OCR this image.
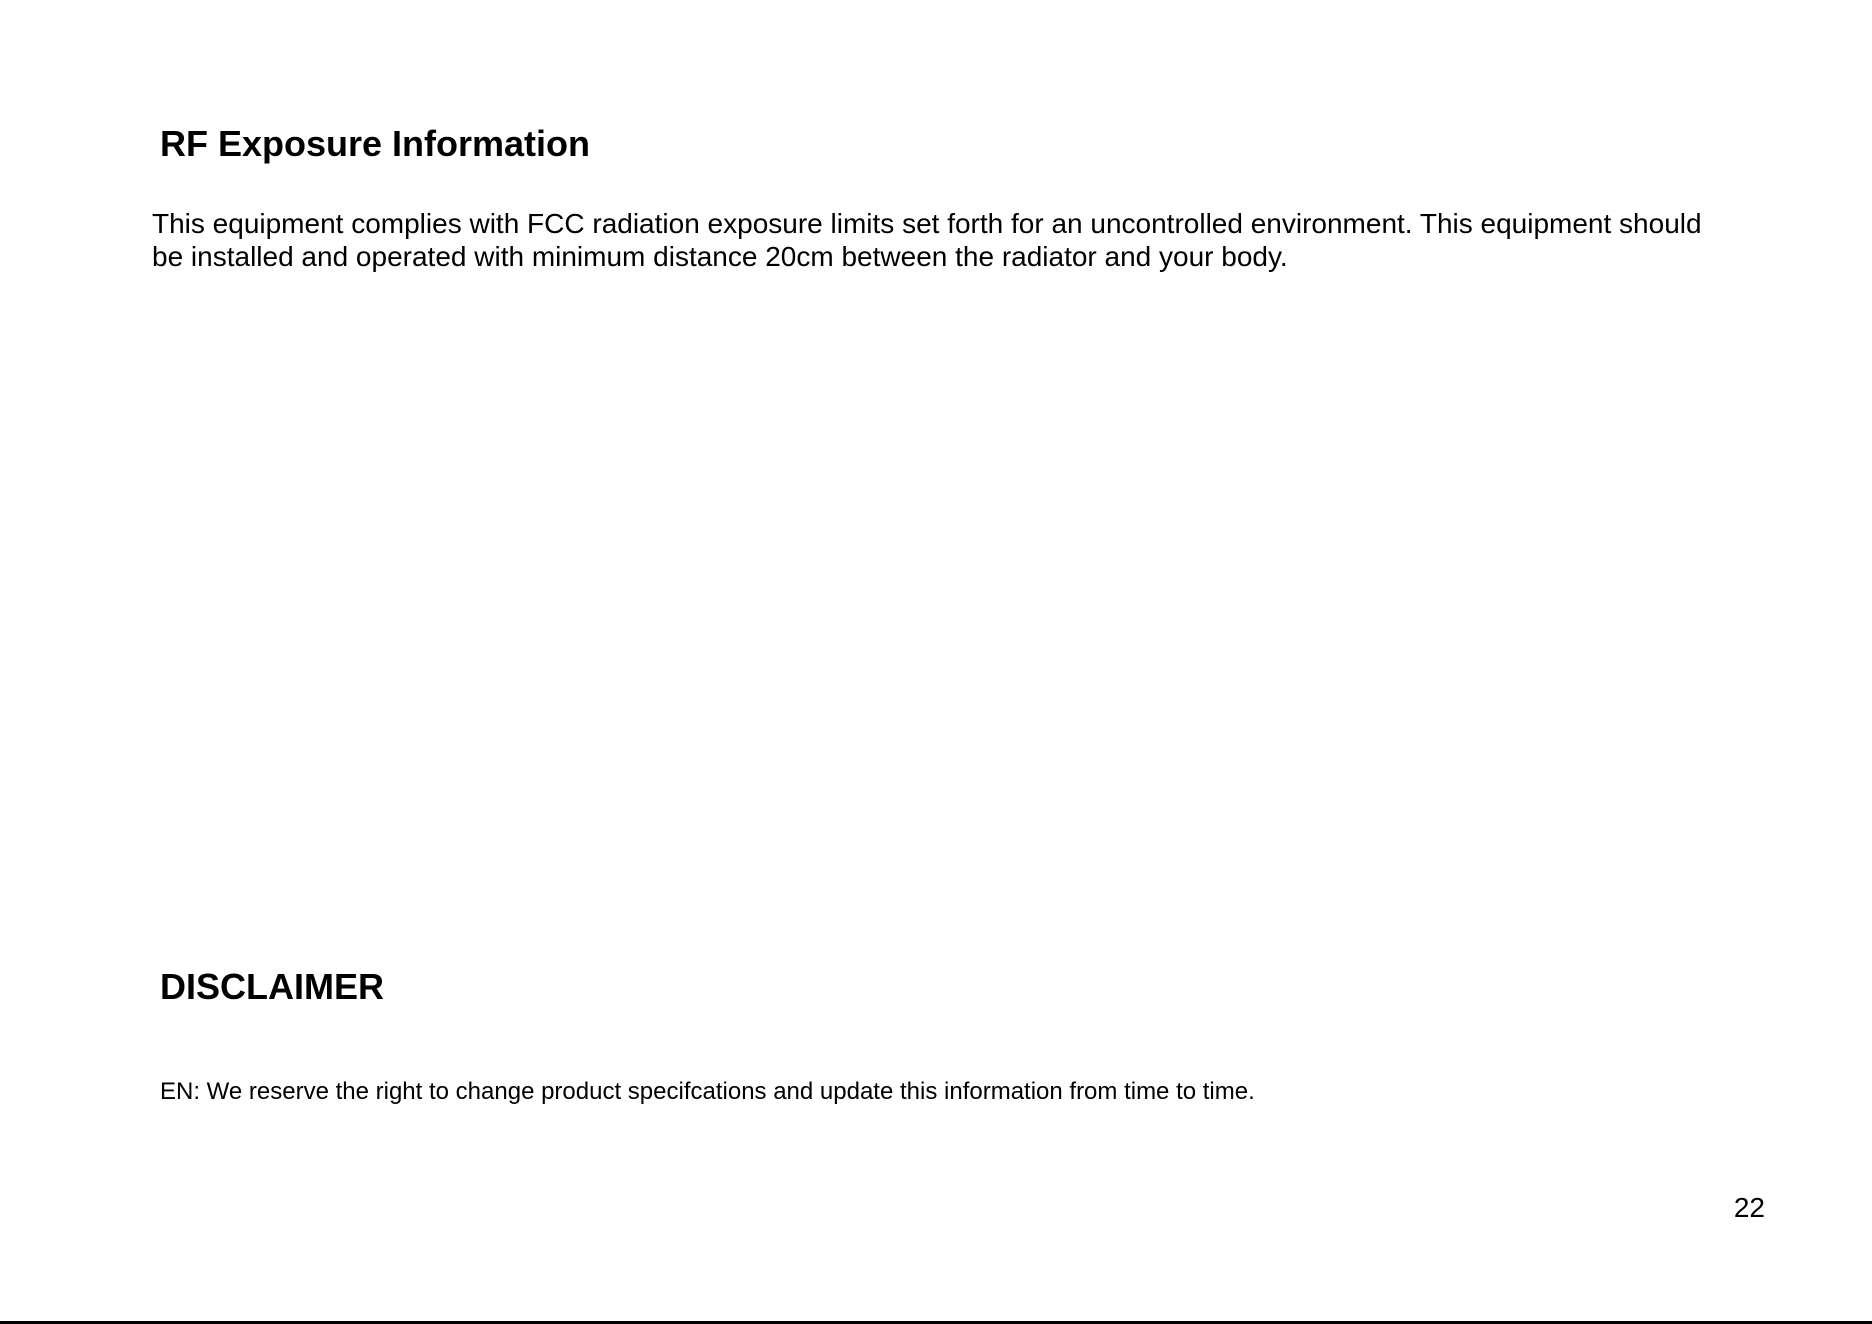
RF Exposure Information

This equipment complies with FCC radiation exposure limits set forth for an uncontrolled environment. This equipment should
be installed and operated with minimum distance 20cm between the radiator and your body.

DISCLAIMER

EN: We reserve the right to change product specifcations and update this information from time to time.

22
